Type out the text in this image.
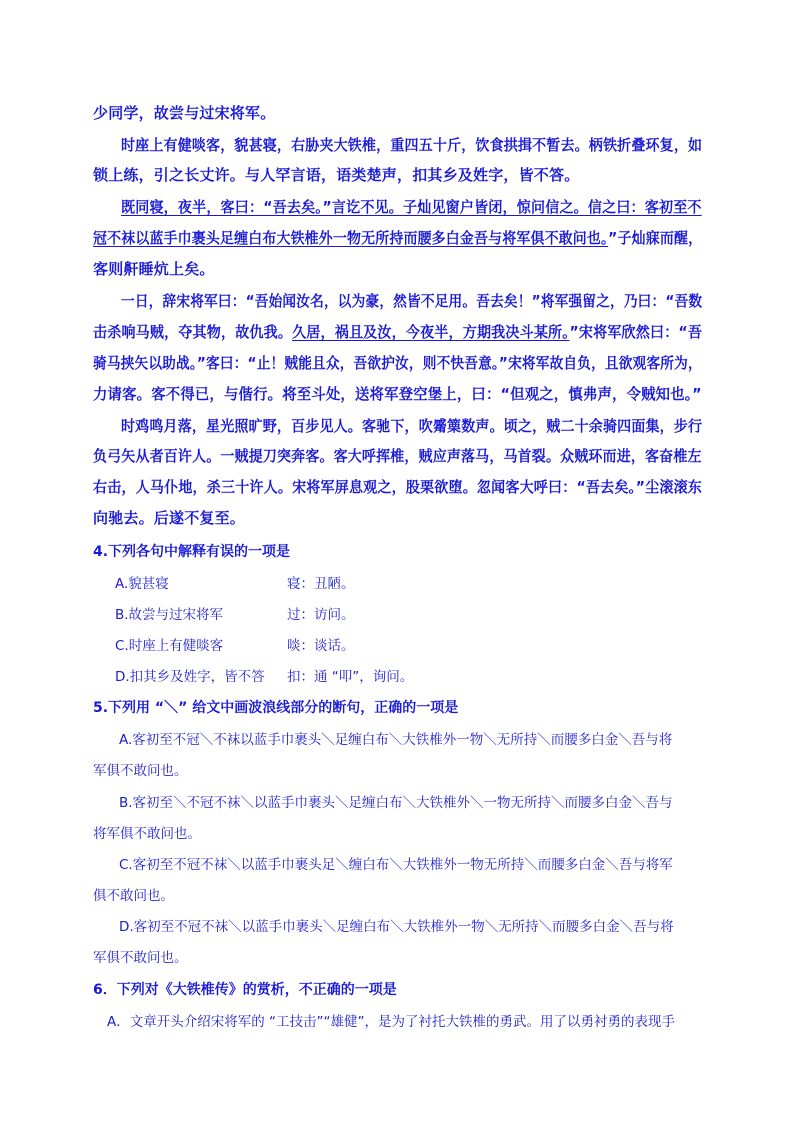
少同学，故尝与过宋将军。
时座上有健啖客，貌甚寝，右胁夹大铁椎，重四五十斤，饮食拱揖不暂去。柄铁折叠环复，如
锁上练，引之长丈许。与人罕言语，语类楚声，扣其乡及姓字，皆不答。
既同寝，夜半，客曰：“吾去矣。”言讫不见。子灿见窗户皆闭，惊问信之。信之曰：客初至不
冠不袜以蓝手巾裹头足缠白布大铁椎外一物无所持而腰多白金吾与将军俱不敢问也。”子灿寐而醒，
客则鼾睡炕上矣。
一日，辞宋将军曰：“吾始闻汝名，以为豪，然皆不足用。吾去矣！”将军强留之，乃曰：“吾数
击杀响马贼，夺其物，故仇我。久居，祸且及汝，今夜半，方期我决斗某所。”宋将军欣然曰：“吾
骑马挟矢以助战。”客曰：“止！贼能且众，吾欲护汝，则不快吾意。”宋将军故自负，且欲观客所为，
力请客。客不得已，与偕行。将至斗处，送将军登空堡上，曰：“但观之，慎弗声，令贼知也。”
时鸡鸣月落，星光照旷野，百步见人。客驰下，吹觱篥数声。顷之，贼二十余骑四面集，步行
负弓矢从者百许人。一贼提刀突奔客。客大呼挥椎，贼应声落马，马首裂。众贼环而进，客奋椎左
右击，人马仆地，杀三十许人。宋将军屏息观之，股栗欲堕。忽闻客大呼曰：“吾去矣。”尘滚滚东
向驰去。后遂不复至。
4.下列各句中解释有误的一项是
A.貌甚寝	寝：丑陋。
B.故尝与过宋将军	过：访问。
C.时座上有健啖客	啖：谈话。
D.扣其乡及姓字，皆不答 扣：通 “叩”，询问。
5.下列用 “＼” 给文中画波浪线部分的断句，正确的一项是
A.客初至不冠＼不袜以蓝手巾裹头＼足缠白布＼大铁椎外一物＼无所持＼而腰多白金＼吾与将
军俱不敢问也。
B.客初至＼不冠不袜＼以蓝手巾裹头＼足缠白布＼大铁椎外＼一物无所持＼而腰多白金＼吾与
将军俱不敢问也。
C.客初至不冠不袜＼以蓝手巾裹头足＼缠白布＼大铁椎外一物无所持＼而腰多白金＼吾与将军
俱不敢问也。
D.客初至不冠不袜＼以蓝手巾裹头＼足缠白布＼大铁椎外一物＼无所持＼而腰多白金＼吾与将
军俱不敢问也。
6．下列对《大铁椎传》的赏析，不正确的一项是
A．文章开头介绍宋将军的 “工技击”“雄健”，是为了衬托大铁椎的勇武。用了以勇衬勇的表现手
